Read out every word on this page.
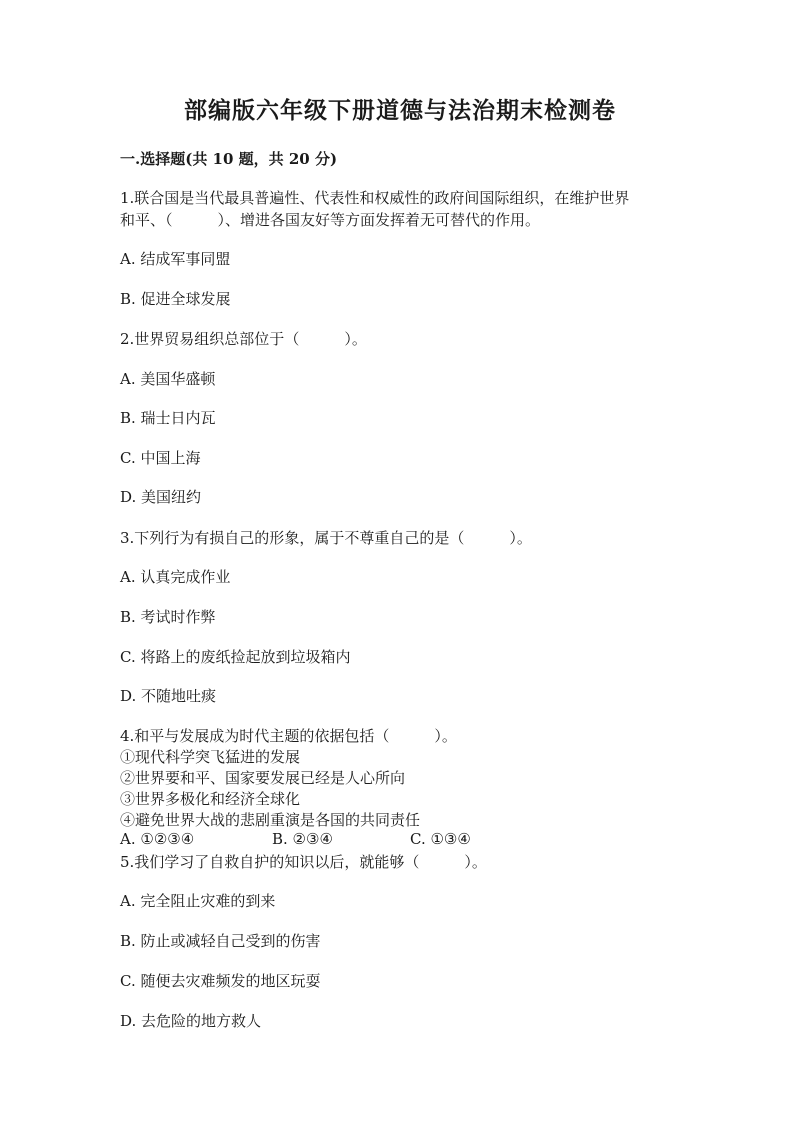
部编版六年级下册道德与法治期末检测卷
一.选择题(共 10 题，共 20 分)
1.联合国是当代最具普遍性、代表性和权威性的政府间国际组织，在维护世界
和平、（　　　）、增进各国友好等方面发挥着无可替代的作用。
A. 结成军事同盟
B. 促进全球发展
2.世界贸易组织总部位于（　　　）。
A. 美国华盛顿
B. 瑞士日内瓦
C. 中国上海
D. 美国纽约
3.下列行为有损自己的形象，属于不尊重自己的是（　　　）。
A. 认真完成作业
B. 考试时作弊
C. 将路上的废纸捡起放到垃圾箱内
D. 不随地吐痰
4.和平与发展成为时代主题的依据包括（　　　）。
①现代科学突飞猛进的发展
②世界要和平、国家要发展已经是人心所向
③世界多极化和经济全球化
④避免世界大战的悲剧重演是各国的共同责任
A. ①②③④	B. ②③④	C. ①③④
5.我们学习了自救自护的知识以后，就能够（　　　）。
A. 完全阻止灾难的到来
B. 防止或减轻自己受到的伤害
C. 随便去灾难频发的地区玩耍
D. 去危险的地方救人
